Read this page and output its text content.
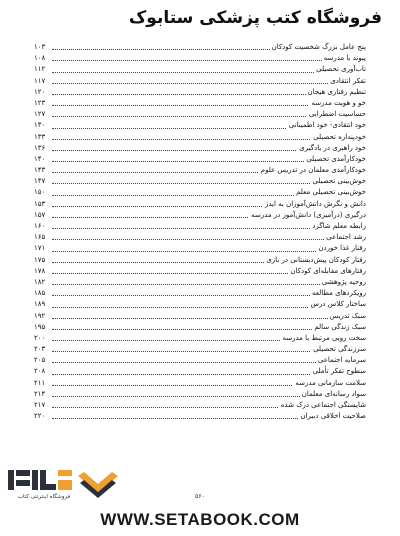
فروشگاه کتب پزشکی ستابوک
پنج عامل بزرگ شخصیت کودکان
۱۰۳
پیوند با مدرسه
۱۰۸
تاب‌آوری تحصیلی
۱۱۲
تفکر انتقادی
۱۱۷
تنظیم رفتاری هیجان
۱۲۰
خو و هویت مدرسه
۱۲۳
حساسیت اضطرابی
۱۲۷
خود انتقادی- خود اطمینانی
۱۳۰
خودپنداره تحصیلی
۱۳۳
خود راهبری در یادگیری
۱۳۶
خودکارآمدی تحصیلی
۱۴۰
خودکارآمدی معلمان در تدریس علوم
۱۴۳
خوش‌بینی تحصیلی
۱۴۷
خوش‌بینی تحصیلی معلم
۱۵۰
دانش و نگرش دانش‌آموزان به ایدز
۱۵۳
درگیری (درآمیزی) دانش‌آموز در مدرسه
۱۵۷
رابطه معلم شاگرد
۱۶۰
رشد اجتماعی
۱۶۵
رفتار غذا خوردن
۱۷۱
رفتار کودکان پیش‌دبستانی در بازی
۱۷۵
رفتارهای مقابله‌ای کودکان
۱۷۸
روحیه پژوهشی
۱۸۲
رویکردهای مطالعه
۱۸۵
ساختار کلاس درس
۱۸۹
سبک تدریس
۱۹۲
سبک زندگی سالم
۱۹۵
سخت رویی مرتبط با مدرسه
۲۰۰
سرزندگی تحصیلی
۲۰۳
سرمایه اجتماعی
۲۰۵
سطوح تفکر تأملی
۲۰۸
سلامت سازمانی مدرسه
۲۱۱
سواد رسانه‌ای معلمان
۲۱۴
شایستگی اجتماعی درک شده
۲۱۷
صلاحیت اخلاقی دبیران
۲۲۰
۵۶۰
فروشگاه اینترنتی کتاب
WWW.SETABOOK.COM
